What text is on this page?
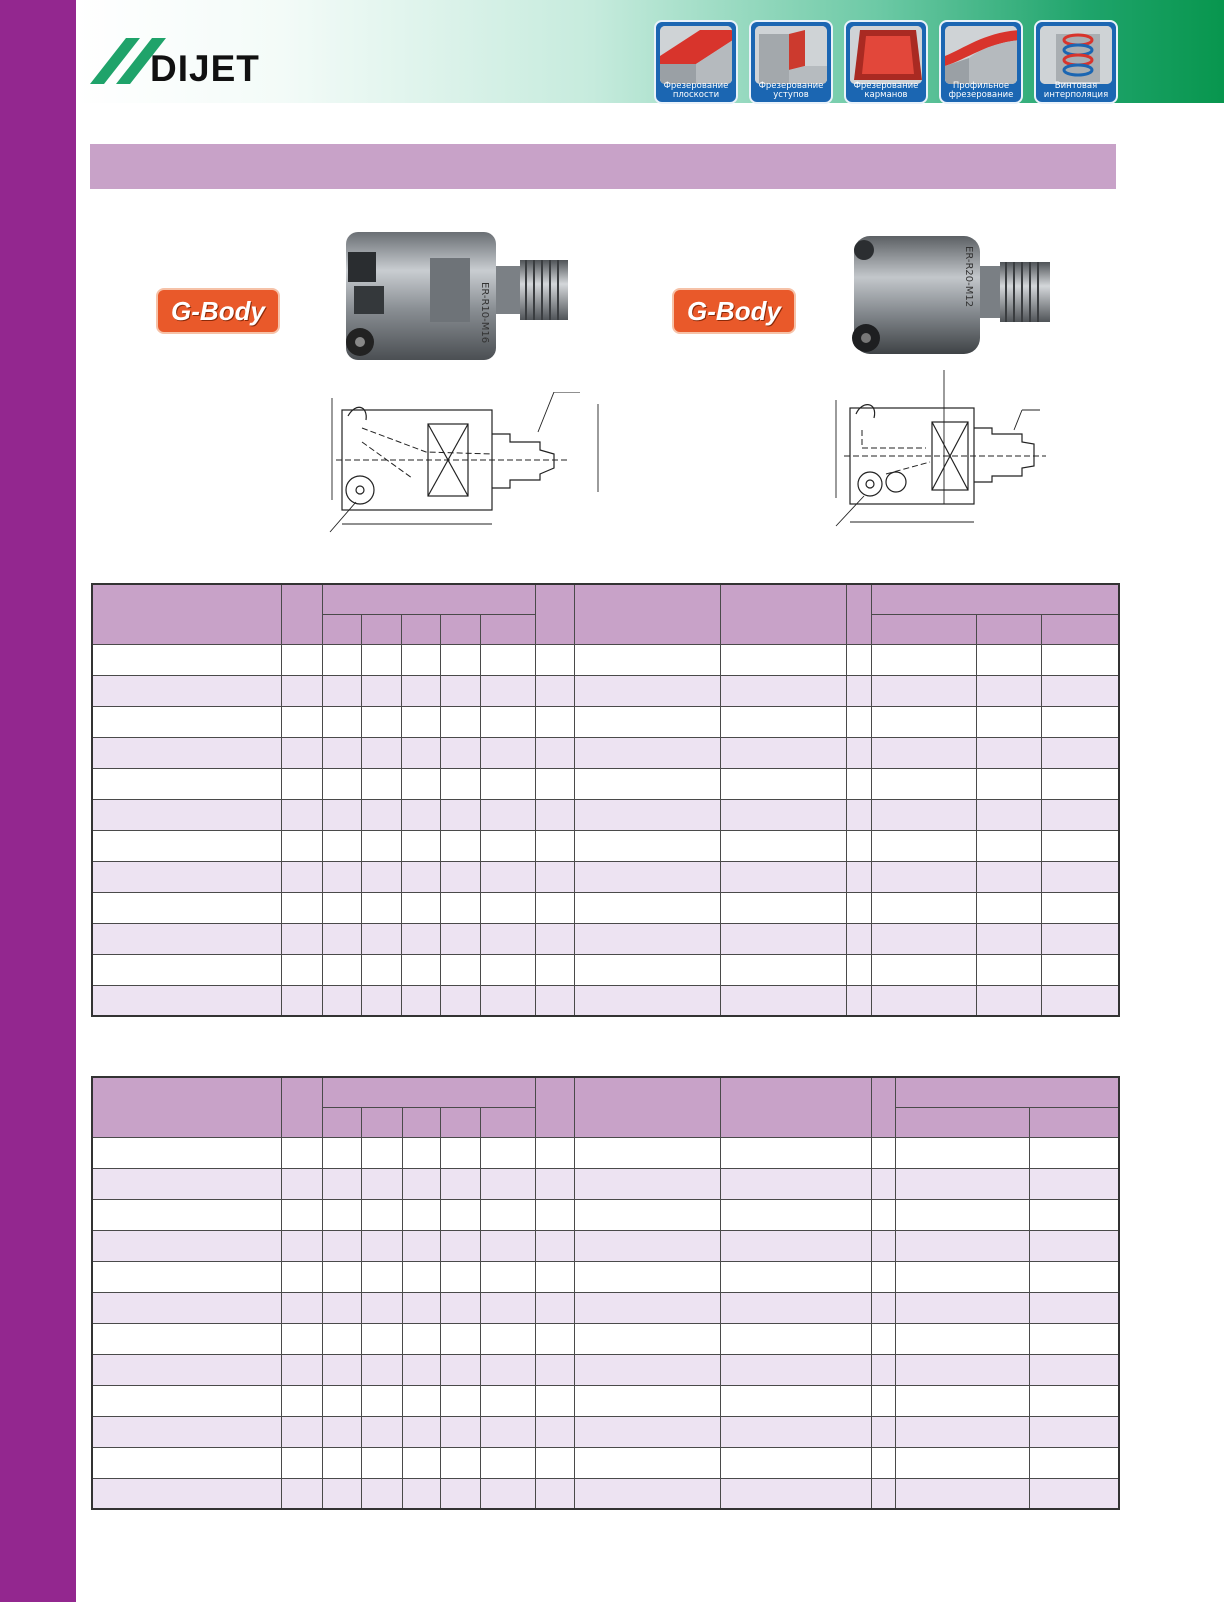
DIJET	Фрезерование
плоскости
Фрезерование
уступов
Фрезерование
карманов
Профильное
фрезерование
Винтовая
интерполяция
G-Body	ER-R10-M16	G-Body
ER-R20-M12
